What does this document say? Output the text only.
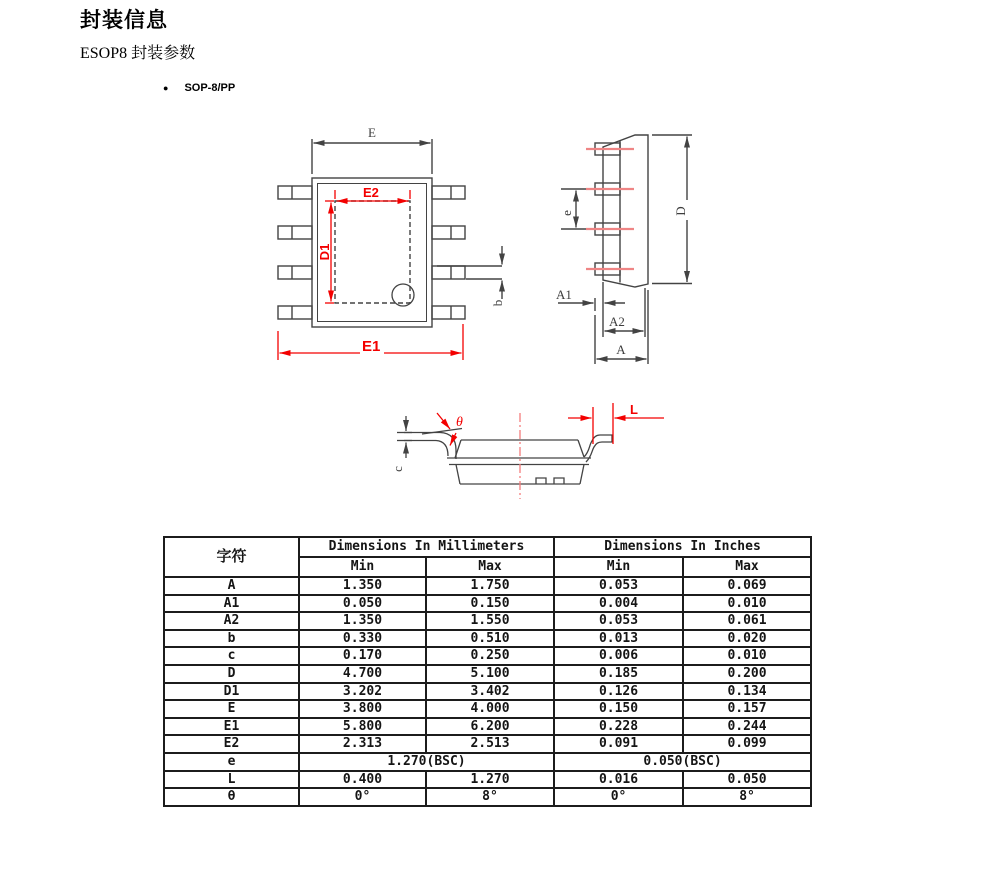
封装信息
ESOP8 封装参数
● SOP-8/PP
E
E2
D1
E1
b
e	D
A1
A2
A
θ
c
L
字符	Dimensions In Millimeters		Dimensions In Inches	
	Min	Max	Min	Max
A	1.350	1.750	0.053	0.069
A1	0.050	0.150	0.004	0.010
A2	1.350	1.550	0.053	0.061
b	0.330	0.510	0.013	0.020
c	0.170	0.250	0.006	0.010
D	4.700	5.100	0.185	0.200
D1	3.202	3.402	0.126	0.134
E	3.800	4.000	0.150	0.157
E1	5.800	6.200	0.228	0.244
E2	2.313	2.513	0.091	0.099
e	1.270(BSC)		0.050(BSC)	
L	0.400	1.270	0.016	0.050
θ	0°	8°	0°	8°
